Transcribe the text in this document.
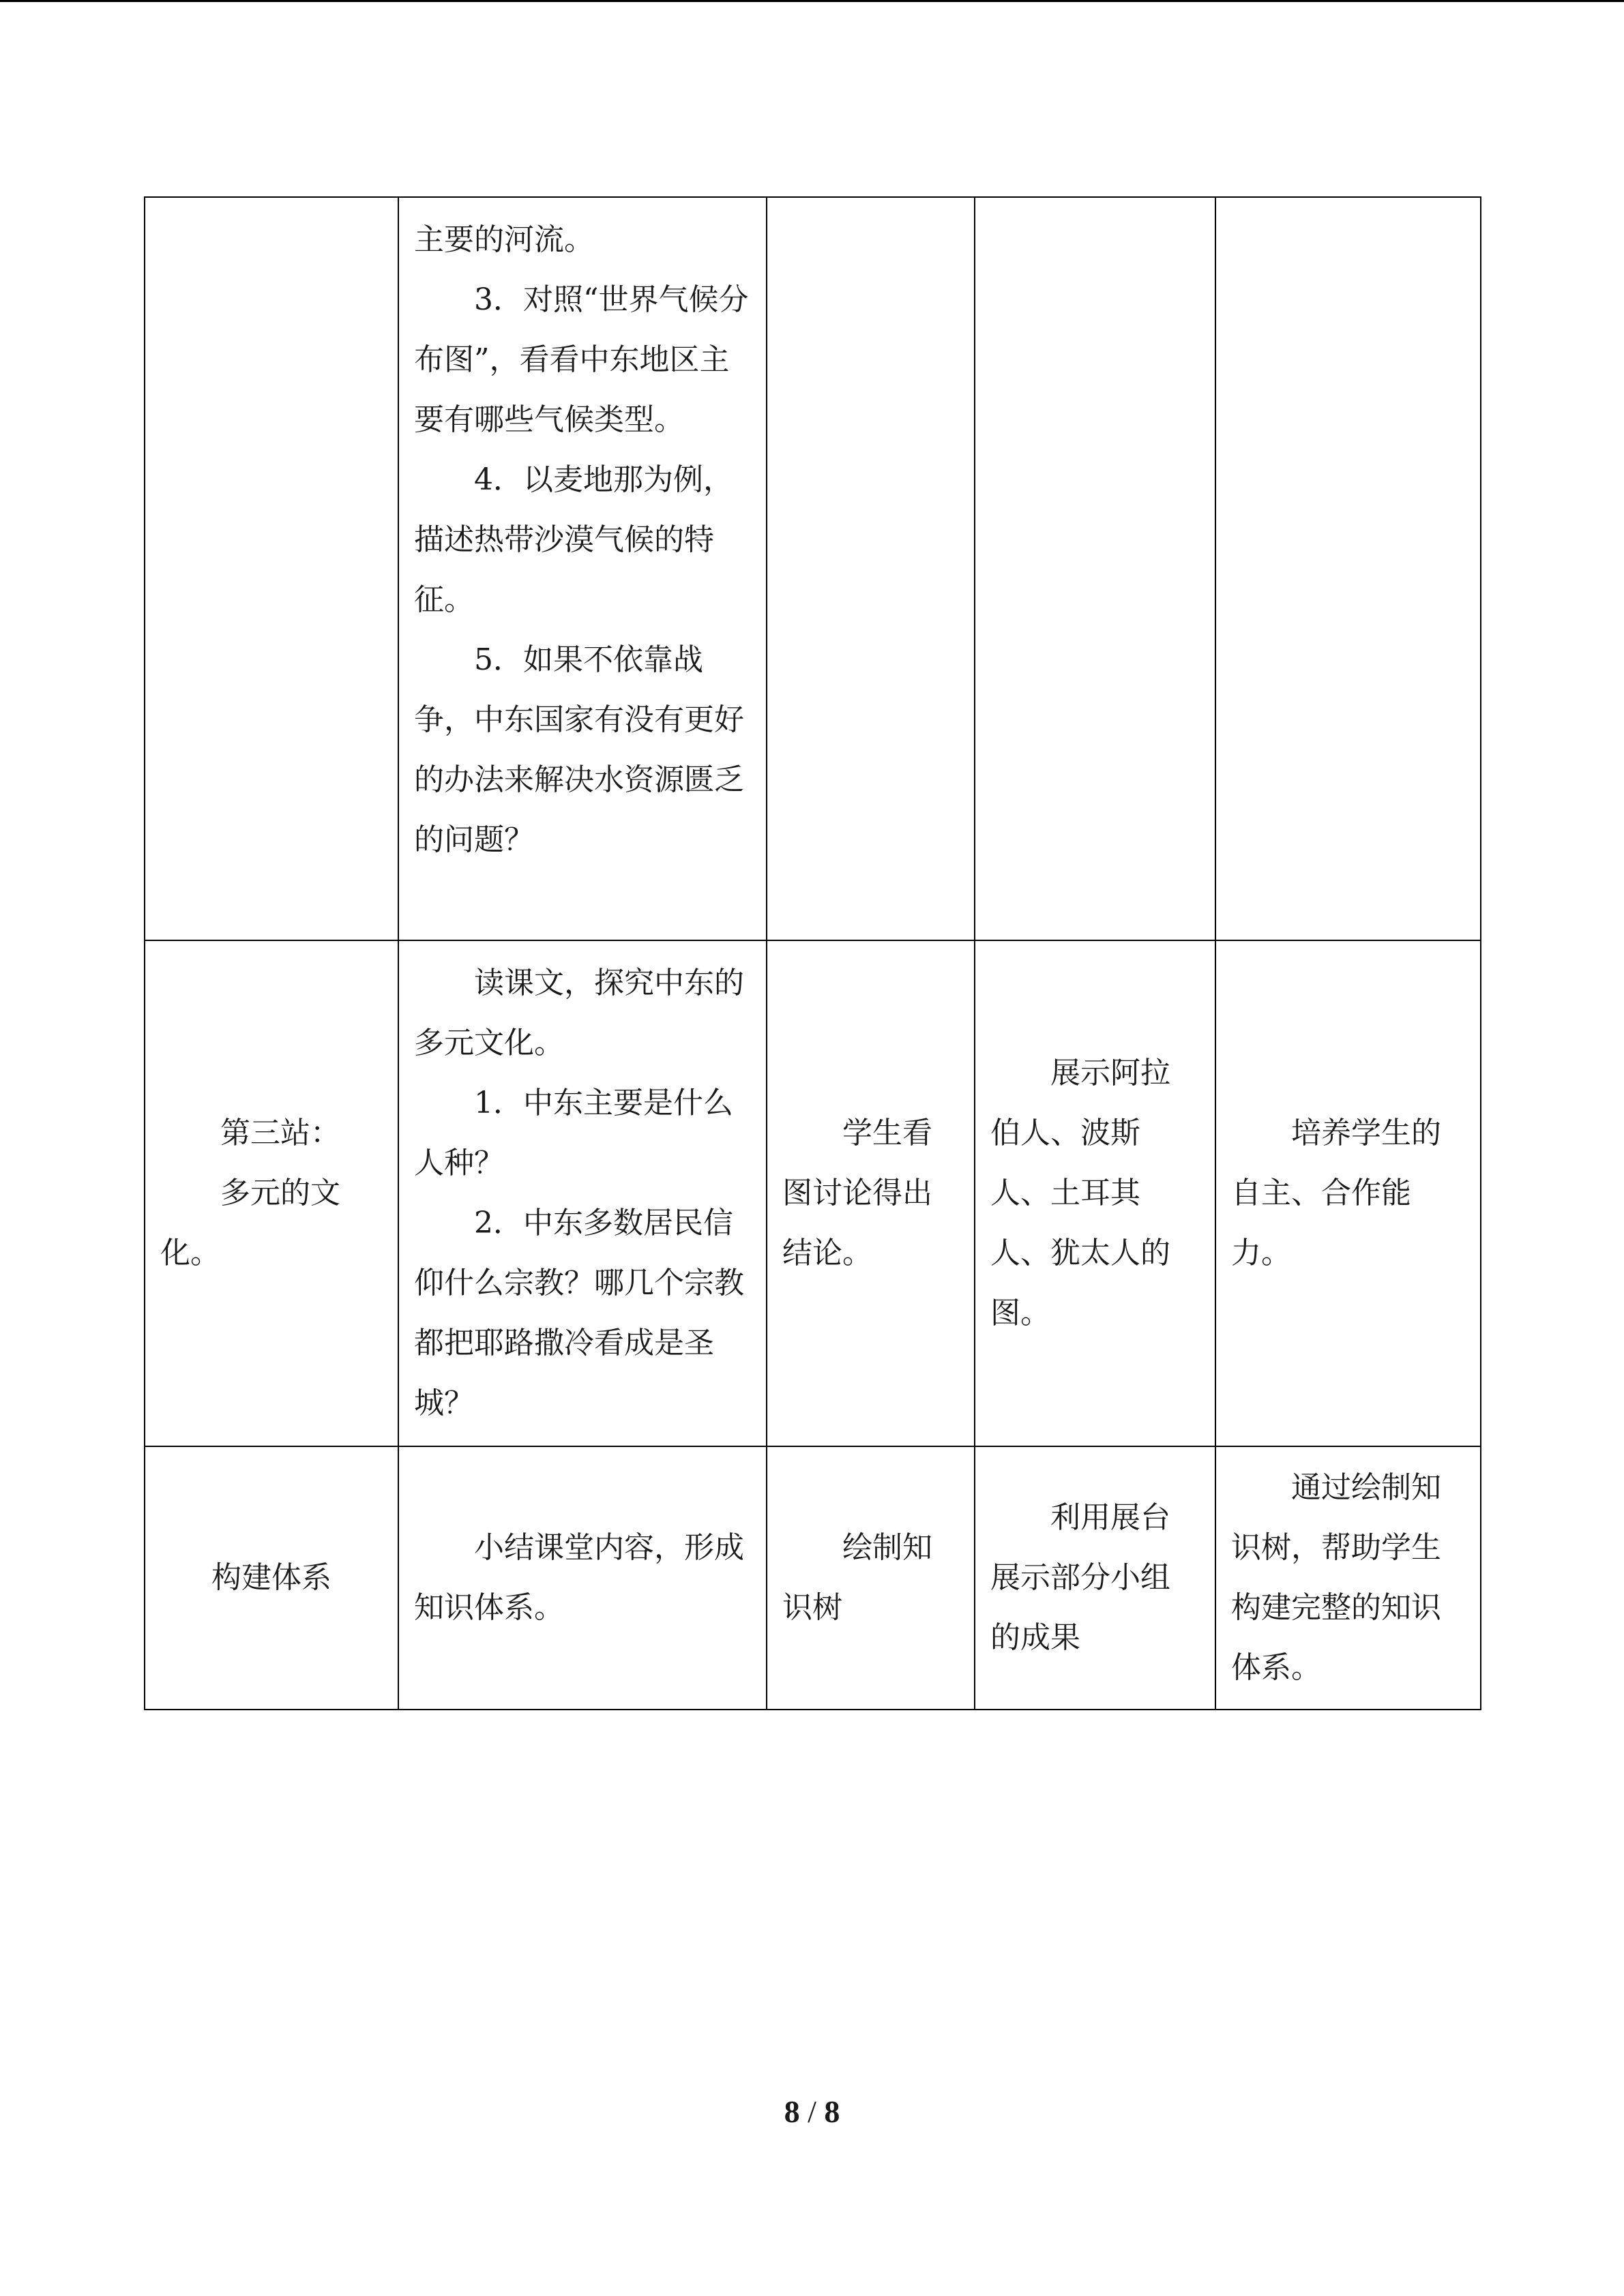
	主要的河流。
3．对照“世界气候分布图”，看看中东地区主要有哪些气候类型。
4．以麦地那为例，描述热带沙漠气候的特征。
5．如果不依靠战争，中东国家有没有更好的办法来解决水资源匮乏的问题？			

第三站：
多元的文化。	读课文，探究中东的多元文化。
1．中东主要是什么人种？
2．中东多数居民信仰什么宗教？哪几个宗教都把耶路撒冷看成是圣城？	学生看图讨论得出结论。	展示阿拉伯人、波斯人、土耳其人、犹太人的图。	培养学生的自主、合作能力。

构建体系	小结课堂内容，形成知识体系。	绘制知识树	利用展台展示部分小组的成果	通过绘制知识树，帮助学生构建完整的知识体系。
8 / 8
